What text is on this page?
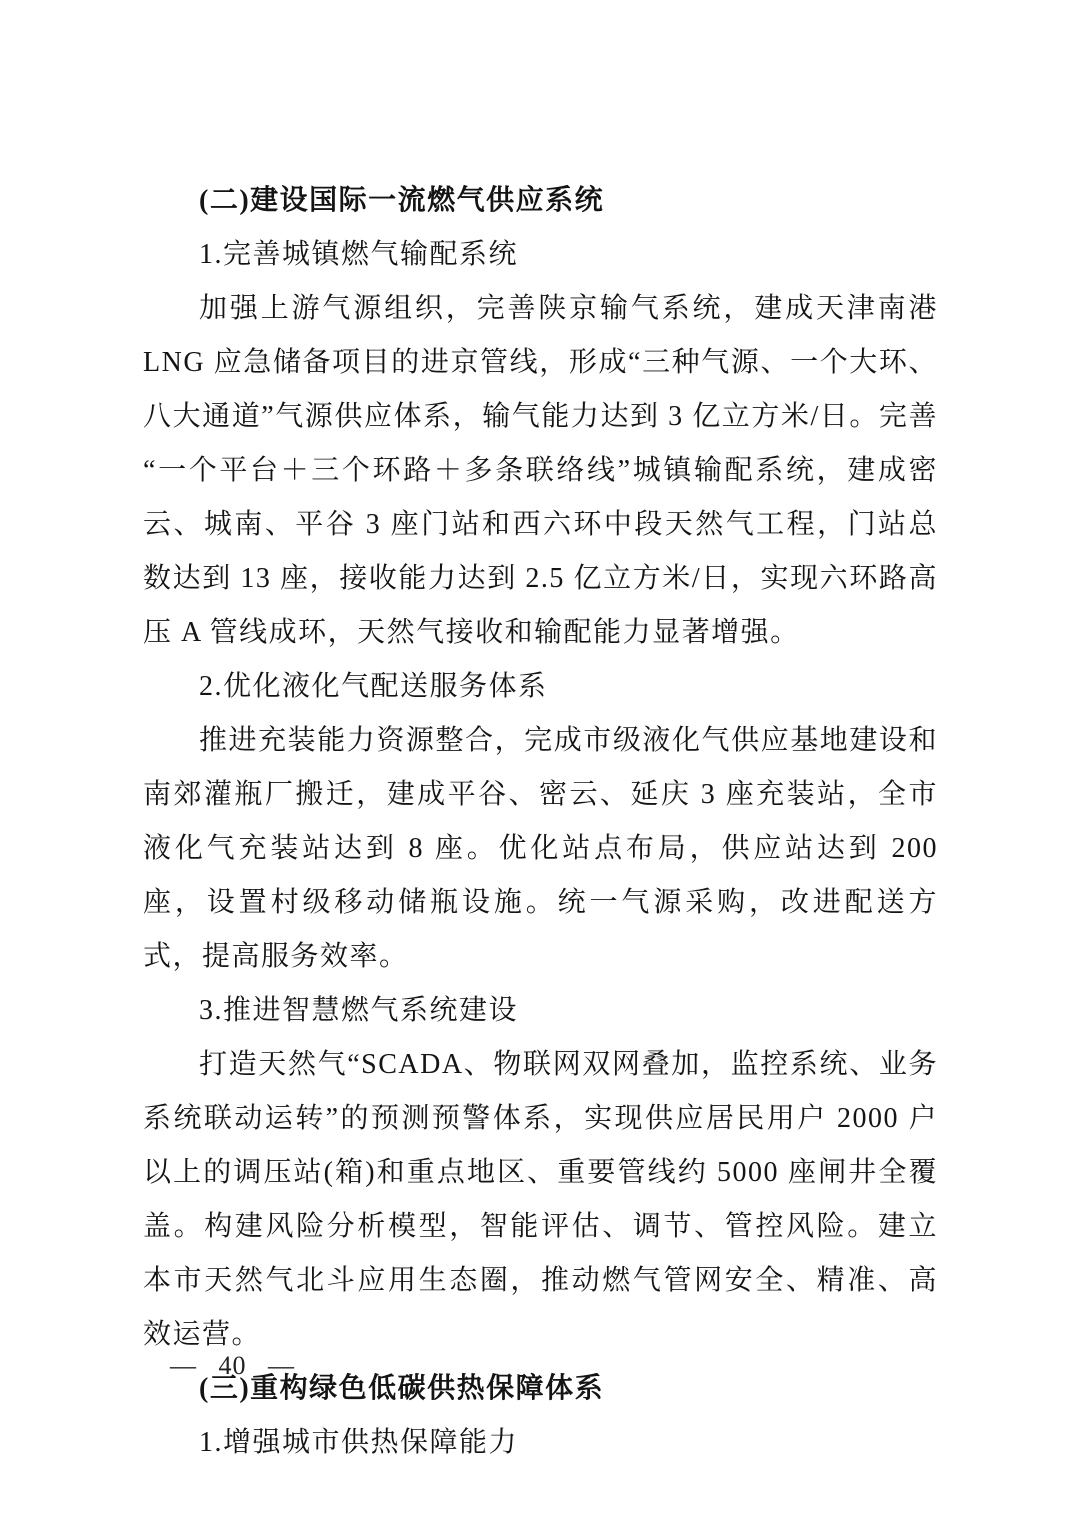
(二)建设国际一流燃气供应系统
1.完善城镇燃气输配系统

加强上游气源组织，完善陕京输气系统，建成天津南港 LNG 应急储备项目的进京管线，形成“三种气源、一个大环、八大通道”气源供应体系，输气能力达到 3 亿立方米/日。完善“一个平台＋三个环路＋多条联络线”城镇输配系统，建成密云、城南、平谷 3 座门站和西六环中段天然气工程，门站总数达到 13 座，接收能力达到 2.5 亿立方米/日，实现六环路高压 A 管线成环，天然气接收和输配能力显著增强。

2.优化液化气配送服务体系

推进充装能力资源整合，完成市级液化气供应基地建设和南郊灌瓶厂搬迁，建成平谷、密云、延庆 3 座充装站，全市液化气充装站达到 8 座。优化站点布局，供应站达到 200 座，设置村级移动储瓶设施。统一气源采购，改进配送方式，提高服务效率。

3.推进智慧燃气系统建设

打造天然气“SCADA、物联网双网叠加，监控系统、业务系统联动运转”的预测预警体系，实现供应居民用户 2000 户以上的调压站(箱)和重点地区、重要管线约 5000 座闸井全覆盖。构建风险分析模型，智能评估、调节、管控风险。建立本市天然气北斗应用生态圈，推动燃气管网安全、精准、高效运营。

(三)重构绿色低碳供热保障体系
1.增强城市供热保障能力
— 40 —
